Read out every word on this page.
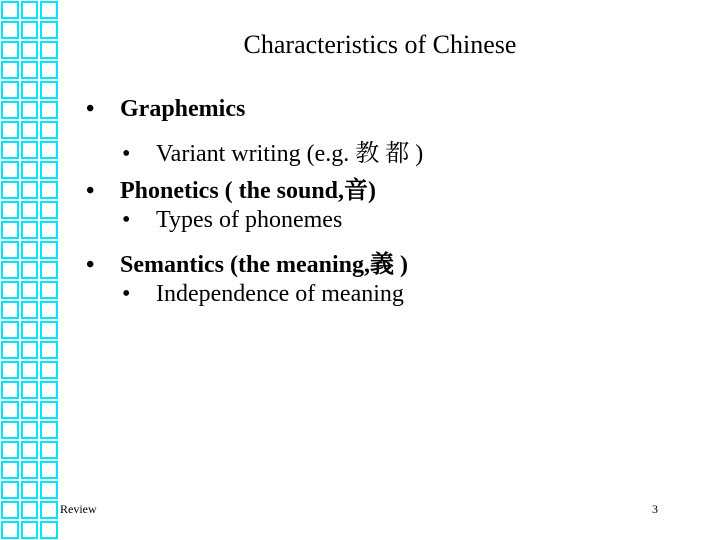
Characteristics of Chinese
• Graphemics
• Variant writing (e.g. 教 都 )
• Phonetics ( the sound,音)
• Types of phonemes
• Semantics (the meaning,義 )
• Independence of meaning
Review	3
